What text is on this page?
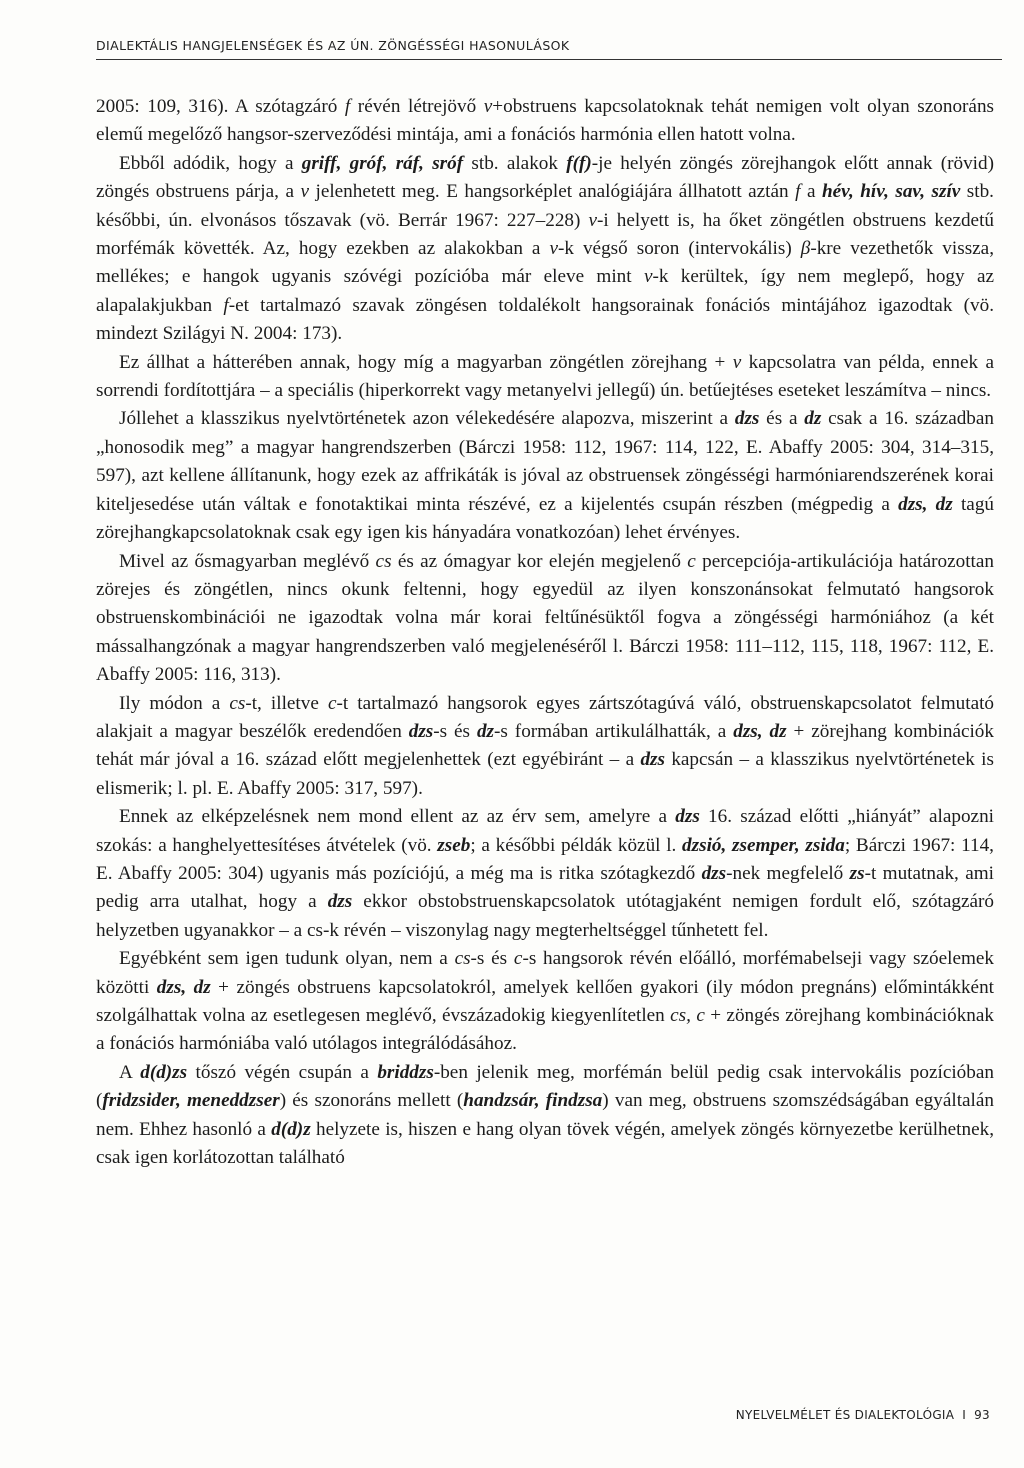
DIALEKTÁLIS HANGJELENSÉGEK ÉS AZ ÚN. ZÖNGÉSSÉGI HASONULÁSOK

2005: 109, 316). A szótagzáró f révén létrejövő v+obstruens kapcsolatoknak tehát nemigen volt olyan szonoráns elemű megelőző hangsor-szerveződési mintája, ami a fonációs harmónia ellen hatott volna.

Ebből adódik, hogy a griff, gróf, ráf, sróf stb. alakok f(f)-je helyén zöngés zörejhangok előtt annak (rövid) zöngés obstruens párja, a v jelenhetett meg. E hangsorképlet analógiájára állhatott aztán f a hév, hív, sav, szív stb. későbbi, ún. elvonásos tőszavak (vö. Berrár 1967: 227–228) v-i helyett is, ha őket zöngétlen obstruens kezdetű morfémák követték. Az, hogy ezekben az alakokban a v-k végső soron (intervokális) β-kre vezethetők vissza, mellékes; e hangok ugyanis szóvégi pozícióba már eleve mint v-k kerültek, így nem meglepő, hogy az alapalakjukban f-et tartalmazó szavak zöngésen toldalékolt hangsorainak fonációs mintájához igazodtak (vö. mindezt Szilágyi N. 2004: 173).

Ez állhat a hátterében annak, hogy míg a magyarban zöngétlen zörejhang + v kapcsolatra van példa, ennek a sorrendi fordítottjára – a speciális (hiperkorrekt vagy metanyelvi jellegű) ún. betűejtéses eseteket leszámítva – nincs.

Jóllehet a klasszikus nyelvtörténetek azon vélekedésére alapozva, miszerint a dzs és a dz csak a 16. században „honosodik meg” a magyar hangrendszerben (Bárczi 1958: 112, 1967: 114, 122, E. Abaffy 2005: 304, 314–315, 597), azt kellene állítanunk, hogy ezek az affrikáták is jóval az obstruensek zöngésségi harmóniarendszerének korai kiteljesedése után váltak e fonotaktikai minta részévé, ez a kijelentés csupán részben (mégpedig a dzs, dz tagú zörejhangkapcsolatoknak csak egy igen kis hányadára vonatkozóan) lehet érvényes.

Mivel az ősmagyarban meglévő cs és az ómagyar kor elején megjelenő c percepciója-artikulációja határozottan zörejes és zöngétlen, nincs okunk feltenni, hogy egyedül az ilyen konszonánsokat felmutató hangsorok obstruenskombinációi ne igazodtak volna már korai feltűnésüktől fogva a zöngésségi harmóniához (a két mássalhangzónak a magyar hangrendszerben való megjelenéséről l. Bárczi 1958: 111–112, 115, 118, 1967: 112, E. Abaffy 2005: 116, 313).

Ily módon a cs-t, illetve c-t tartalmazó hangsorok egyes zártszótagúvá váló, obstruenskapcsolatot felmutató alakjait a magyar beszélők eredendően dzs-s és dz-s formában artikulálhatták, a dzs, dz + zörejhang kombinációk tehát már jóval a 16. század előtt megjelenhettek (ezt egyébiránt – a dzs kapcsán – a klasszikus nyelvtörténetek is elismerik; l. pl. E. Abaffy 2005: 317, 597).

Ennek az elképzelésnek nem mond ellent az az érv sem, amelyre a dzs 16. század előtti „hiányát” alapozni szokás: a hanghelyettesítéses átvételek (vö. zseb; a későbbi példák közül l. dzsió, zsemper, zsida; Bárczi 1967: 114, E. Abaffy 2005: 304) ugyanis más pozíciójú, a még ma is ritka szótagkezdő dzs-nek megfelelő zs-t mutatnak, ami pedig arra utalhat, hogy a dzs ekkor obstobstruenskapcsolatok utótagjaként nemigen fordult elő, szótagzáró helyzetben ugyanakkor – a cs-k révén – viszonylag nagy megterheltséggel tűnhetett fel.

Egyébként sem igen tudunk olyan, nem a cs-s és c-s hangsorok révén előálló, morfémabelseji vagy szóelemek közötti dzs, dz + zöngés obstruens kapcsolatokról, amelyek kellően gyakori (ily módon pregnáns) előmintákként szolgálhattak volna az esetlegesen meglévő, évszázadokig kiegyenlítetlen cs, c + zöngés zörejhang kombinációknak a fonációs harmóniába való utólagos integrálódásához.

A d(d)zs tőszó végén csupán a briddzs-ben jelenik meg, morfémán belül pedig csak intervokális pozícióban (fridzsider, meneddzser) és szonoráns mellett (handzsár, findzsa) van meg, obstruens szomszédságában egyáltalán nem. Ehhez hasonló a d(d)z helyzete is, hiszen e hang olyan tövek végén, amelyek zöngés környezetbe kerülhetnek, csak igen korlátozottan található

NYELVELMÉLET ÉS DIALEKTOLÓGIA I 93
